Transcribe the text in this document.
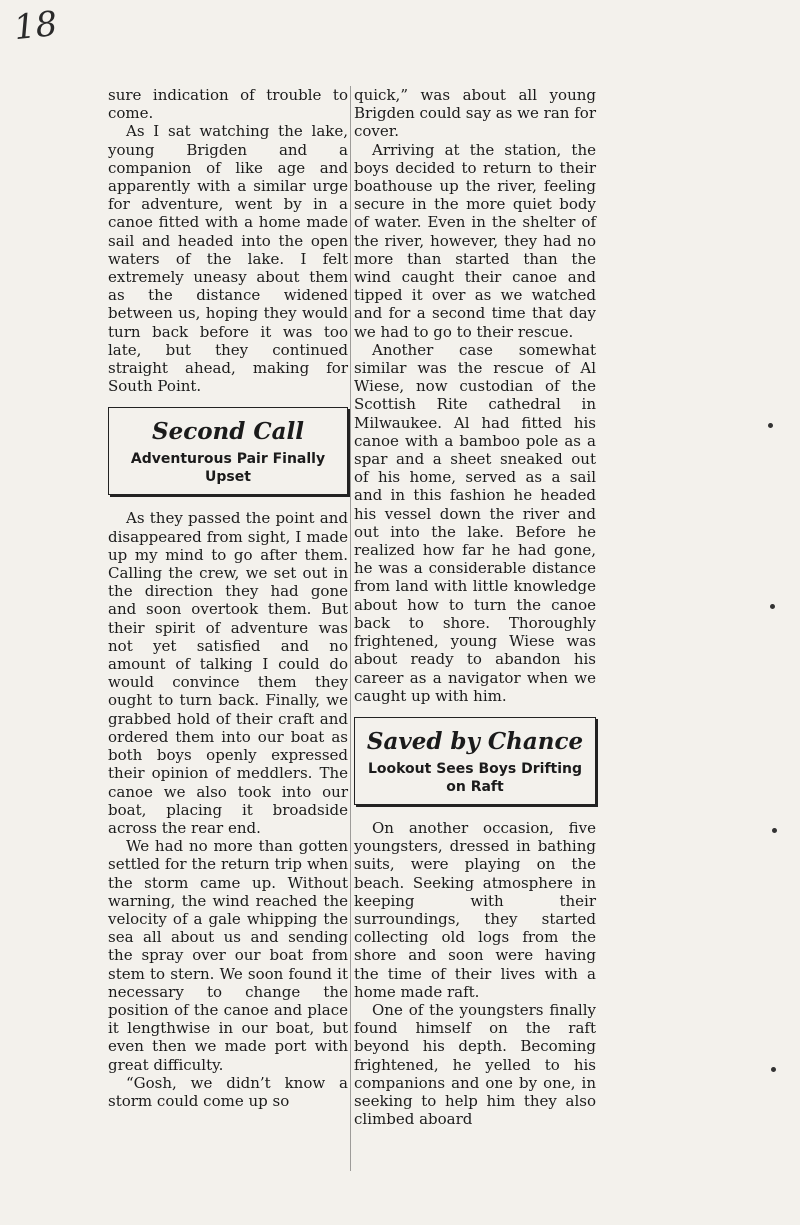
18

sure indication of trouble to come.

As I sat watching the lake, young Brigden and a companion of like age and apparently with a similar urge for adventure, went by in a canoe fitted with a home made sail and headed into the open waters of the lake. I felt extremely uneasy about them as the distance widened between us, hoping they would turn back before it was too late, but they continued straight ahead, making for South Point.

Second Call
Adventurous Pair Finally Upset

As they passed the point and disappeared from sight, I made up my mind to go after them. Calling the crew, we set out in the direction they had gone and soon overtook them. But their spirit of adventure was not yet satisfied and no amount of talking I could do would convince them they ought to turn back. Finally, we grabbed hold of their craft and ordered them into our boat as both boys openly expressed their opinion of meddlers. The canoe we also took into our boat, placing it broadside across the rear end.

We had no more than gotten settled for the return trip when the storm came up. Without warning, the wind reached the velocity of a gale whipping the sea all about us and sending the spray over our boat from stem to stern. We soon found it necessary to change the position of the canoe and place it lengthwise in our boat, but even then we made port with great difficulty.

“Gosh, we didn’t know a storm could come up so

quick,” was about all young Brigden could say as we ran for cover.

Arriving at the station, the boys decided to return to their boathouse up the river, feeling secure in the more quiet body of water. Even in the shelter of the river, however, they had no more than started than the wind caught their canoe and tipped it over as we watched and for a second time that day we had to go to their rescue.

Another case somewhat similar was the rescue of Al Wiese, now custodian of the Scottish Rite cathedral in Milwaukee. Al had fitted his canoe with a bamboo pole as a spar and a sheet sneaked out of his home, served as a sail and in this fashion he headed his vessel down the river and out into the lake. Before he realized how far he had gone, he was a considerable distance from land with little knowledge about how to turn the canoe back to shore. Thoroughly frightened, young Wiese was about ready to abandon his career as a navigator when we caught up with him.

Saved by Chance
Lookout Sees Boys Drifting on Raft

On another occasion, five youngsters, dressed in bathing suits, were playing on the beach. Seeking atmosphere in keeping with their surroundings, they started collecting old logs from the shore and soon were having the time of their lives with a home made raft.

One of the youngsters finally found himself on the raft beyond his depth. Becoming frightened, he yelled to his companions and one by one, in seeking to help him they also climbed aboard
